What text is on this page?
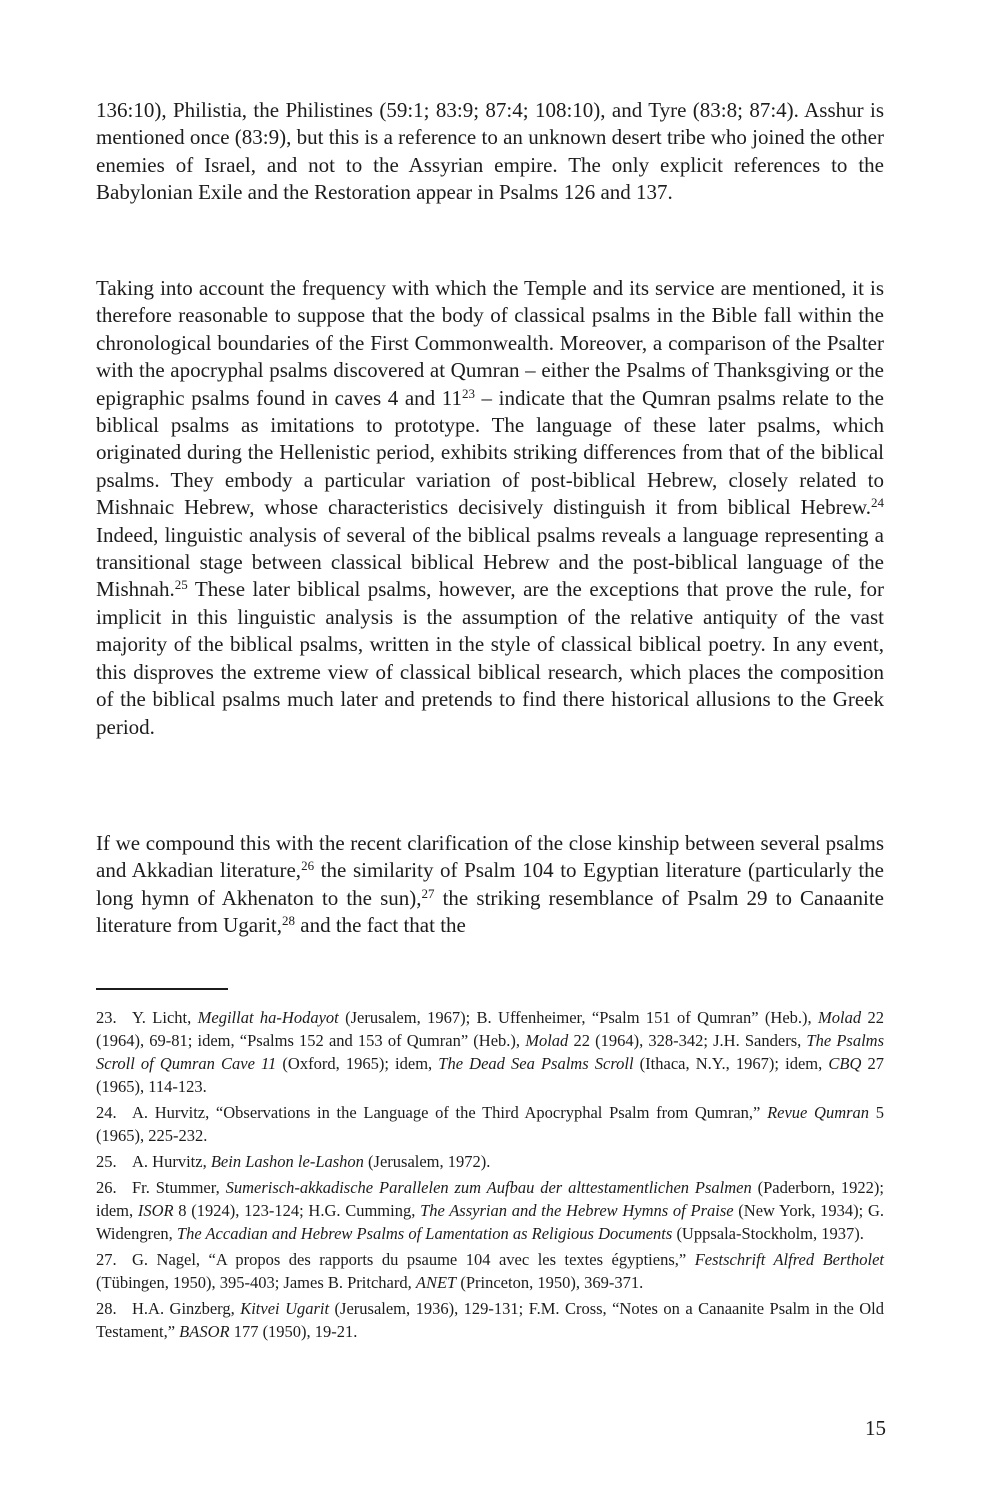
136:10), Philistia, the Philistines (59:1; 83:9; 87:4; 108:10), and Tyre (83:8; 87:4). Asshur is mentioned once (83:9), but this is a reference to an unknown desert tribe who joined the other enemies of Israel, and not to the Assyrian empire. The only explicit references to the Babylonian Exile and the Restoration appear in Psalms 126 and 137.

Taking into account the frequency with which the Temple and its service are mentioned, it is therefore reasonable to suppose that the body of classical psalms in the Bible fall within the chronological boundaries of the First Commonwealth. Moreover, a comparison of the Psalter with the apocryphal psalms discovered at Qumran – either the Psalms of Thanksgiving or the epigraphic psalms found in caves 4 and $11^{23}$ – indicate that the Qumran psalms relate to the biblical psalms as imitations to prototype. The language of these later psalms, which originated during the Hellenistic period, exhibits striking differences from that of the biblical psalms. They embody a particular variation of post-biblical Hebrew, closely related to Mishnaic Hebrew, whose characteristics decisively distinguish it from biblical Hebrew.$^{24}$ Indeed, linguistic analysis of several of the biblical psalms reveals a language representing a transitional stage between classical biblical Hebrew and the post-biblical language of the Mishnah.$^{25}$ These later biblical psalms, however, are the exceptions that prove the rule, for implicit in this linguistic analysis is the assumption of the relative antiquity of the vast majority of the biblical psalms, written in the style of classical biblical poetry. In any event, this disproves the extreme view of classical biblical research, which places the composition of the biblical psalms much later and pretends to find there historical allusions to the Greek period.

If we compound this with the recent clarification of the close kinship between several psalms and Akkadian literature,$^{26}$ the similarity of Psalm 104 to Egyptian literature (particularly the long hymn of Akhenaton to the sun),$^{27}$ the striking resemblance of Psalm 29 to Canaanite literature from Ugarit,$^{28}$ and the fact that the

23. Y. Licht, Megillat ha-Hodayot (Jerusalem, 1967); B. Uffenheimer, “Psalm 151 of Qumran” (Heb.), Molad 22 (1964), 69-81; idem, “Psalms 152 and 153 of Qumran” (Heb.), Molad 22 (1964), 328-342; J.H. Sanders, The Psalms Scroll of Qumran Cave 11 (Oxford, 1965); idem, The Dead Sea Psalms Scroll (Ithaca, N.Y., 1967); idem, CBQ 27 (1965), 114-123.

24. A. Hurvitz, “Observations in the Language of the Third Apocryphal Psalm from Qumran,” Revue Qumran 5 (1965), 225-232.

25. A. Hurvitz, Bein Lashon le-Lashon (Jerusalem, 1972).

26. Fr. Stummer, Sumerisch-akkadische Parallelen zum Aufbau der alttestamentlichen Psalmen (Paderborn, 1922); idem, ISOR 8 (1924), 123-124; H.G. Cumming, The Assyrian and the Hebrew Hymns of Praise (New York, 1934); G. Widengren, The Accadian and Hebrew Psalms of Lamentation as Religious Documents (Uppsala-Stockholm, 1937).

27. G. Nagel, “A propos des rapports du psaume 104 avec les textes égyptiens,” Festschrift Alfred Bertholet (Tübingen, 1950), 395-403; James B. Pritchard, ANET (Princeton, 1950), 369-371.

28. H.A. Ginzberg, Kitvei Ugarit (Jerusalem, 1936), 129-131; F.M. Cross, “Notes on a Canaanite Psalm in the Old Testament,” BASOR 177 (1950), 19-21.

15
